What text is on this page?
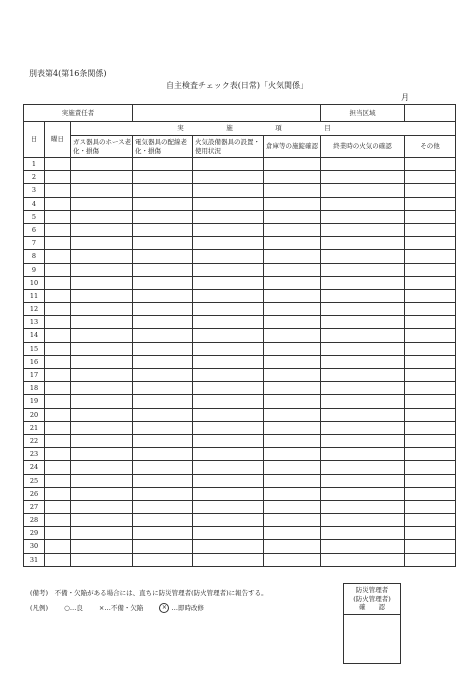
別表第4(第16条関係)
自主検査チェック表(日常)「火気関係」
月
実施責任者						担当区域	
日	曜日	実　施　項　目					
		ガス器具のホース老化・損傷	電気器具の配線老化・損傷	火気設備器具の設置・使用状況	倉庫等の施錠確認	終業時の火気の確認	その他
1							
2							
3							
4							
5							
6							
7							
8							
9							
10							
11							
12							
13							
14							
15							
16							
17							
18							
19							
20							
21							
22							
23							
24							
25							
26							
27							
28							
29							
30							
31							
(備考)　不備・欠陥がある場合には、直ちに防災管理者(防火管理者)に報告する。
(凡例) ○…良 ×…不備・欠陥	× …即時改修
防災管理者
(防火管理者)
確　　認
